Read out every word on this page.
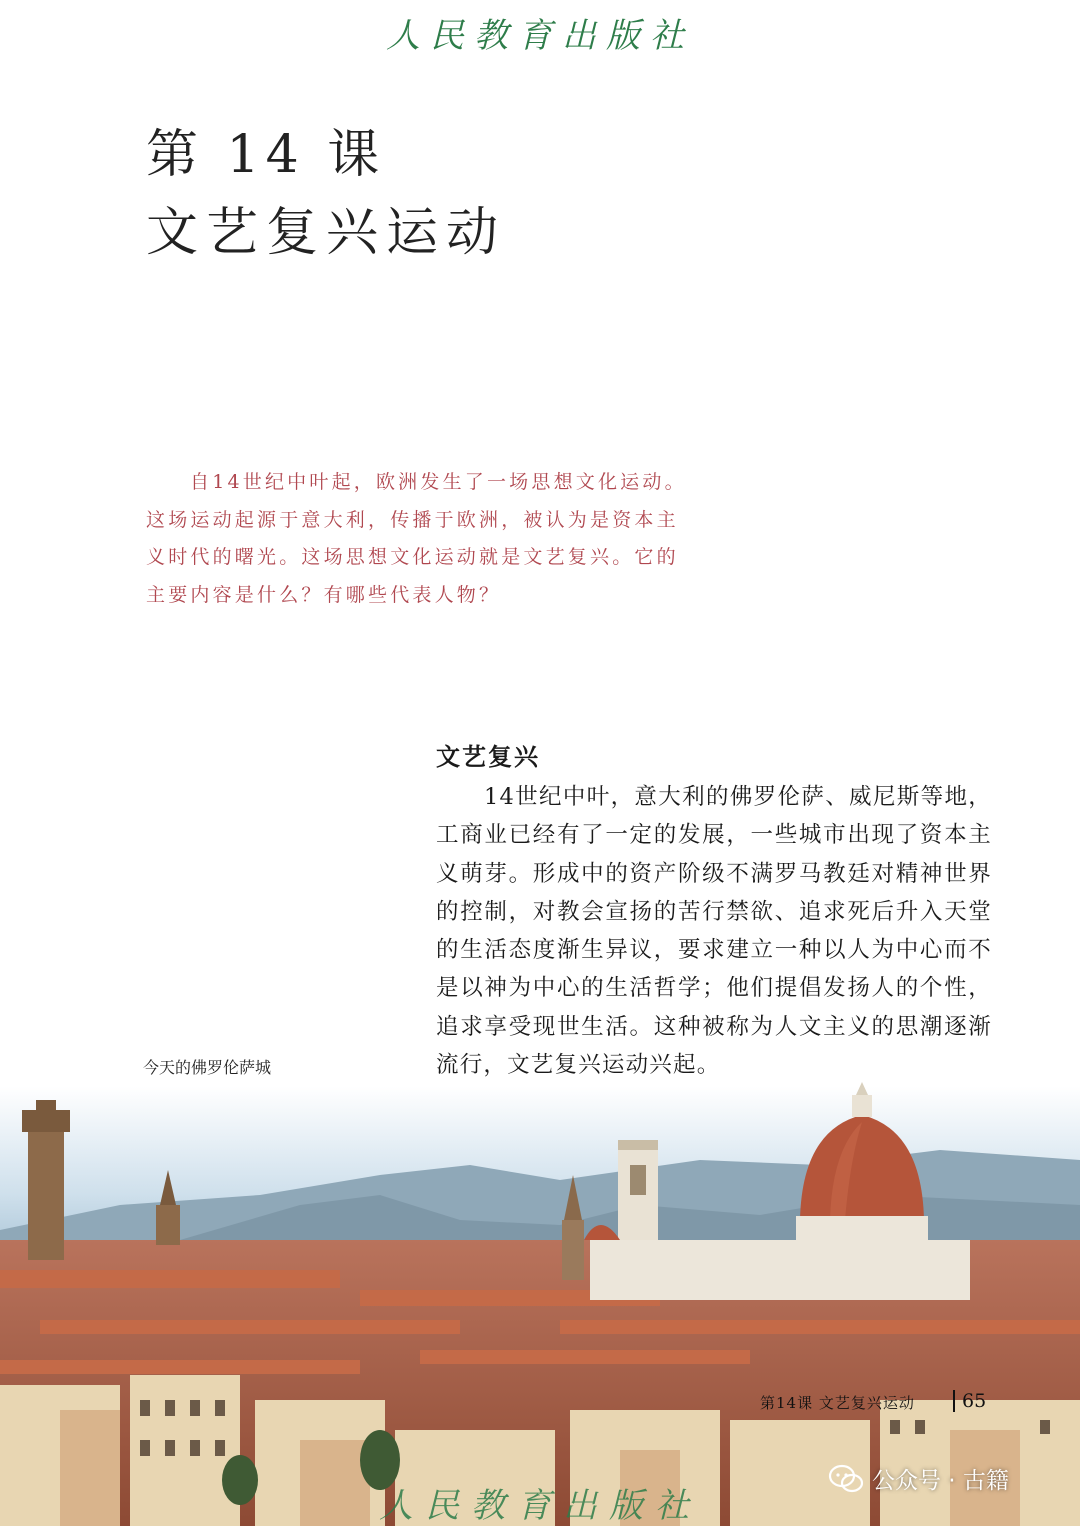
人民教育出版社
第 14 课
文艺复兴运动
自14世纪中叶起，欧洲发生了一场思想文化运动。这场运动起源于意大利，传播于欧洲，被认为是资本主义时代的曙光。这场思想文化运动就是文艺复兴。它的主要内容是什么？有哪些代表人物？
文艺复兴
14世纪中叶，意大利的佛罗伦萨、威尼斯等地，工商业已经有了一定的发展，一些城市出现了资本主义萌芽。形成中的资产阶级不满罗马教廷对精神世界的控制，对教会宣扬的苦行禁欲、追求死后升入天堂的生活态度渐生异议，要求建立一种以人为中心而不是以神为中心的生活哲学；他们提倡发扬人的个性，追求享受现世生活。这种被称为人文主义的思潮逐渐流行，文艺复兴运动兴起。
今天的佛罗伦萨城
第14课 文艺复兴运动 65
公众号 · 古籍
人民教育出版社
